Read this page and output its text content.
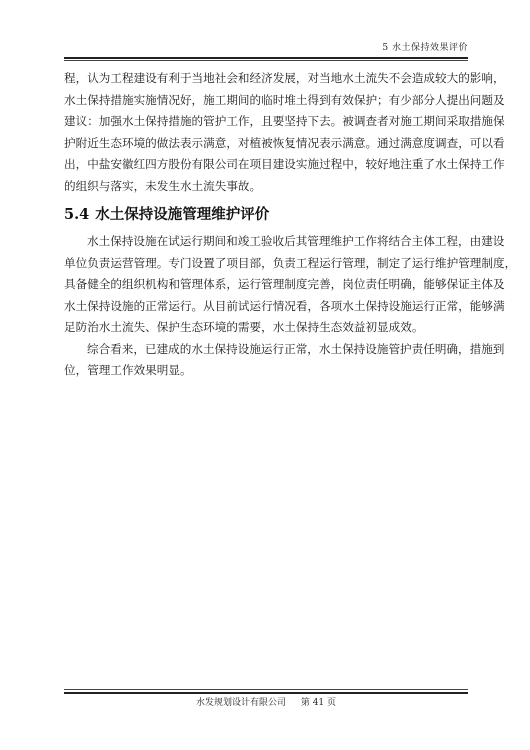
5 水土保持效果评价
程，认为工程建设有利于当地社会和经济发展，对当地水土流失不会造成较大的影响，
水土保持措施实施情况好，施工期间的临时堆土得到有效保护；有少部分人提出问题及
建议：加强水土保持措施的管护工作，且要坚持下去。被调查者对施工期间采取措施保
护附近生态环境的做法表示满意，对植被恢复情况表示满意。通过满意度调查，可以看
出，中盐安徽红四方股份有限公司在项目建设实施过程中，较好地注重了水土保持工作
的组织与落实，未发生水土流失事故。
5.4 水土保持设施管理维护评价
水土保持设施在试运行期间和竣工验收后其管理维护工作将结合主体工程，由建设
单位负责运营管理。专门设置了项目部，负责工程运行管理，制定了运行维护管理制度，
具备健全的组织机构和管理体系，运行管理制度完善，岗位责任明确，能够保证主体及
水土保持设施的正常运行。从目前试运行情况看，各项水土保持设施运行正常，能够满
足防治水土流失、保护生态环境的需要，水土保持生态效益初显成效。
综合看来，已建成的水土保持设施运行正常，水土保持设施管护责任明确，措施到
位，管理工作效果明显。
水发规划设计有限公司 第 41 页
